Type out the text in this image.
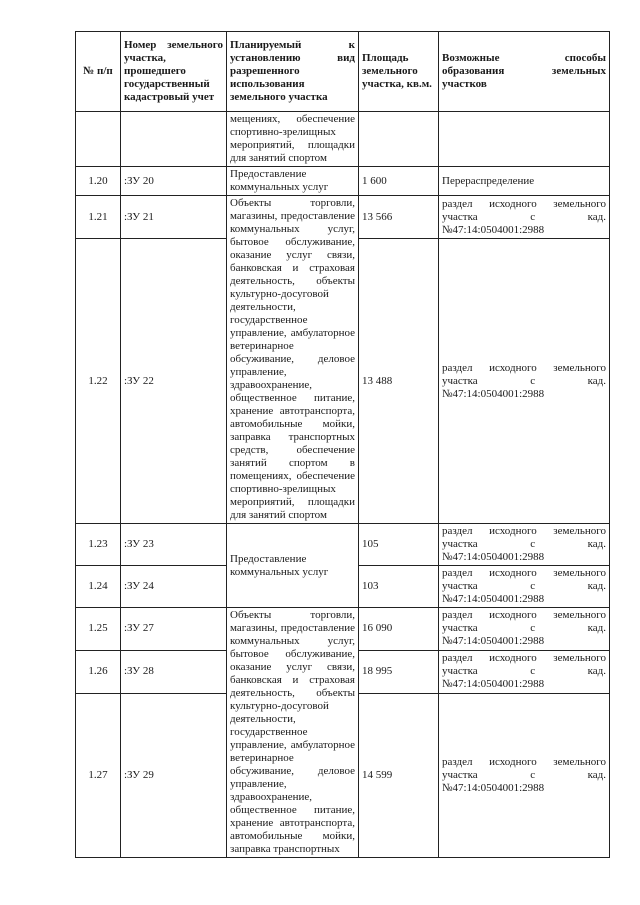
№ п/п	Номер земельного участка, прошедшего государственный кадастровый учет	Планируемый к установлению вид разрешенного использования земельного участка	Площадь земельного участка, кв.м.	Возможные способы образования земельных участков
		мещениях, обеспечение спортивно-зрелищных мероприятий, площадки для занятий спортом		
1.20	:ЗУ 20	Предоставление коммунальных услуг	1 600	Перераспределение
1.21	:ЗУ 21	Объекты торговли, магазины, предоставление коммунальных услуг, бытовое обслуживание, оказание услуг связи, банковская и страховая деятельность, объекты культурно-досуговой деятельности, государственное управление, амбулаторное ветеринарное обсуживание, деловое управление, здравоохранение, общественное питание, хранение автотранспорта, автомобильные мойки, заправка транспортных средств, обеспечение занятий спортом в помещениях, обеспечение спортивно-зрелищных мероприятий, площадки для занятий спортом	13 566	раздел исходного земельного участка с кад.№47:14:0504001:2988
1.22	:ЗУ 22		13 488	раздел исходного земельного участка с кад.№47:14:0504001:2988
1.23	:ЗУ 23	Предоставление коммунальных услуг	105	раздел исходного земельного участка с кад.№47:14:0504001:2988
1.24	:ЗУ 24		103	раздел исходного земельного участка с кад.№47:14:0504001:2988
1.25	:ЗУ 27	Объекты торговли, магазины, предоставление коммунальных услуг, бытовое обслуживание, оказание услуг связи, банковская и страховая деятельность, объекты культурно-досуговой деятельности, государственное управление, амбулаторное ветеринарное обсуживание, деловое управление, здравоохранение, общественное питание, хранение автотранспорта, автомобильные мойки, заправка транспортных	16 090	раздел исходного земельного участка с кад.№47:14:0504001:2988
1.26	:ЗУ 28		18 995	раздел исходного земельного участка с кад.№47:14:0504001:2988
1.27	:ЗУ 29		14 599	раздел исходного земельного участка с кад.№47:14:0504001:2988
